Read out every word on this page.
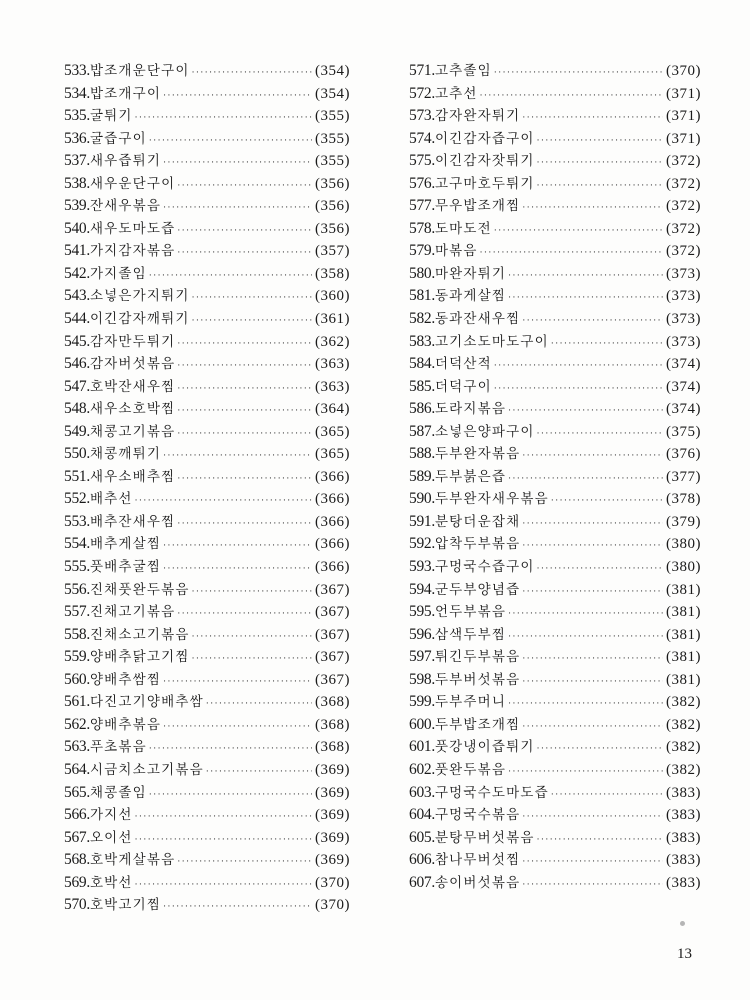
533. 밥조개운단구이 ·····	(354)
534. 밥조개구이 ·····	(354)
535. 굴튀기 ·····	(355)
536. 굴즙구이 ·····	(355)
537. 새우즙튀기 ·····	(355)
538. 새우운단구이 ·····	(356)
539. 잔새우볶음 ·····	(356)
540. 새우도마도즙 ·····	(356)
541. 가지감자볶음 ·····	(357)
542. 가지졸임 ·····	(358)
543. 소넣은가지튀기 ·····	(360)
544. 이긴감자깨튀기 ·····	(361)
545. 감자만두튀기 ·····	(362)
546. 감자버섯볶음 ·····	(363)
547. 호박잔새우찜 ·····	(363)
548. 새우소호박찜 ·····	(364)
549. 채콩고기볶음 ·····	(365)
550. 채콩깨튀기 ·····	(365)
551. 새우소배추찜 ·····	(366)
552. 배추선 ·····	(366)
553. 배추잔새우찜 ·····	(366)
554. 배추게살찜 ·····	(366)
555. 풋배추굴찜 ·····	(366)
556. 진채풋완두볶음 ·····	(367)
557. 진채고기볶음 ·····	(367)
558. 진채소고기볶음 ·····	(367)
559. 양배추닭고기찜 ·····	(367)
560. 양배추쌈찜 ·····	(367)
561. 다진고기양배추쌈 ·····	(368)
562. 양배추볶음 ·····	(368)
563. 푸초볶음 ·····	(368)
564. 시금치소고기볶음 ·····	(369)
565. 채콩졸임 ·····	(369)
566. 가지선 ·····	(369)
567. 오이선 ·····	(369)
568. 호박게살볶음 ·····	(369)
569. 호박선 ·····	(370)
570. 호박고기찜 ·····	(370)
571. 고추졸임 ·····	(370)
572. 고추선 ·····	(371)
573. 감자완자튀기 ·····	(371)
574. 이긴감자즙구이 ·····	(371)
575. 이긴감자잣튀기 ·····	(372)
576. 고구마호두튀기 ·····	(372)
577. 무우밥조개찜 ·····	(372)
578. 도마도전 ·····	(372)
579. 마볶음 ·····	(372)
580. 마완자튀기 ·····	(373)
581. 동과게살찜 ·····	(373)
582. 동과잔새우찜 ·····	(373)
583. 고기소도마도구이 ·····	(373)
584. 더덕산적 ·····	(374)
585. 더덕구이 ·····	(374)
586. 도라지볶음 ·····	(374)
587. 소넣은양파구이 ·····	(375)
588. 두부완자볶음 ·····	(376)
589. 두부붉은즙 ·····	(377)
590. 두부완자새우볶음 ·····	(378)
591. 분탕더운잡채 ·····	(379)
592. 압착두부볶음 ·····	(380)
593. 구멍국수즙구이 ·····	(380)
594. 군두부양념즙 ·····	(381)
595. 언두부볶음 ·····	(381)
596. 삼색두부찜 ·····	(381)
597. 튀긴두부볶음 ·····	(381)
598. 두부버섯볶음 ·····	(381)
599. 두부주머니 ·····	(382)
600. 두부밥조개찜 ·····	(382)
601. 풋강냉이즙튀기 ·····	(382)
602. 풋완두볶음 ·····	(382)
603. 구멍국수도마도즙 ·····	(383)
604. 구멍국수볶음 ·····	(383)
605. 분탕무버섯볶음 ·····	(383)
606. 참나무버섯찜 ·····	(383)
607. 송이버섯볶음 ·····	(383)
13
